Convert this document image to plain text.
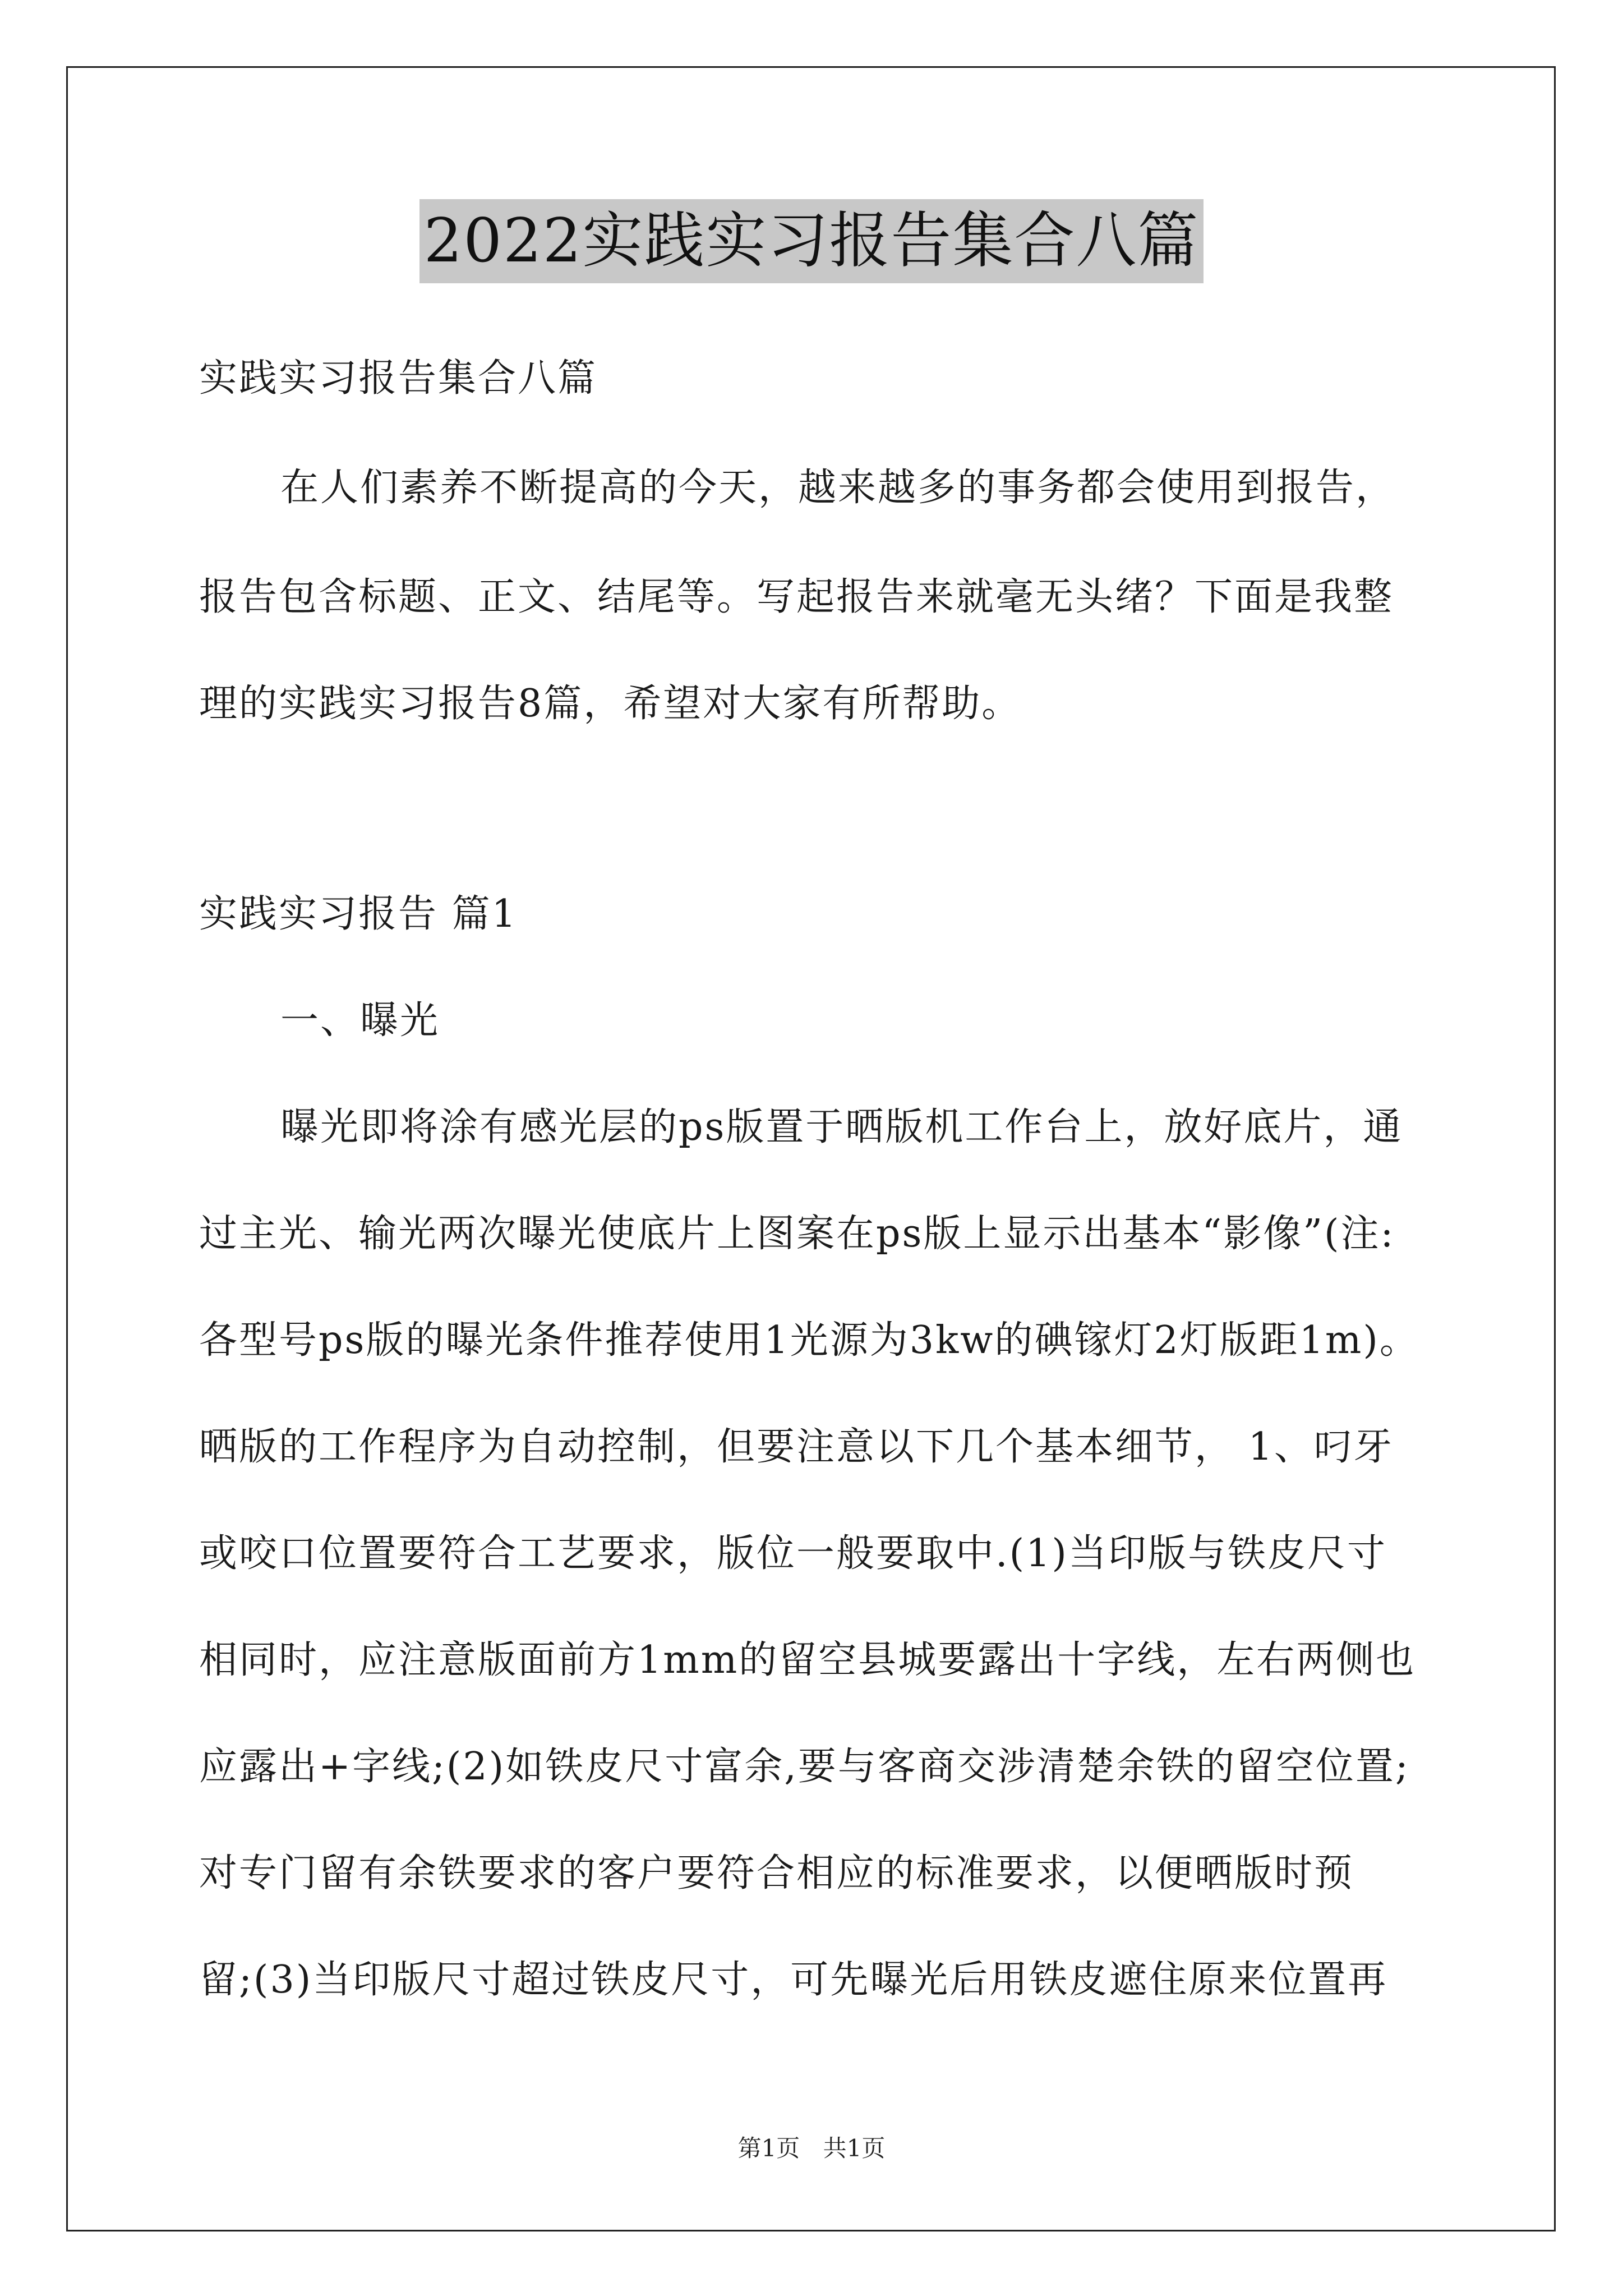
2022实践实习报告集合八篇
实践实习报告集合八篇
在人们素养不断提高的今天，越来越多的事务都会使用到报告，
报告包含标题、正文、结尾等。写起报告来就毫无头绪？下面是我整
理的实践实习报告8篇，希望对大家有所帮助。
实践实习报告 篇1
一、曝光
曝光即将涂有感光层的ps版置于晒版机工作台上，放好底片，通
过主光、输光两次曝光使底片上图案在ps版上显示出基本“影像”(注:
各型号ps版的曝光条件推荐使用1光源为3kw的碘镓灯2灯版距1m)。
晒版的工作程序为自动控制，但要注意以下几个基本细节， 1、叼牙
或咬口位置要符合工艺要求，版位一般要取中.(1)当印版与铁皮尺寸
相同时，应注意版面前方1mm的留空县城要露出十字线，左右两侧也
应露出+字线;(2)如铁皮尺寸富余,要与客商交涉清楚余铁的留空位置;
对专门留有余铁要求的客户要符合相应的标准要求，以便晒版时预
留;(3)当印版尺寸超过铁皮尺寸，可先曝光后用铁皮遮住原来位置再
第1页 共1页
